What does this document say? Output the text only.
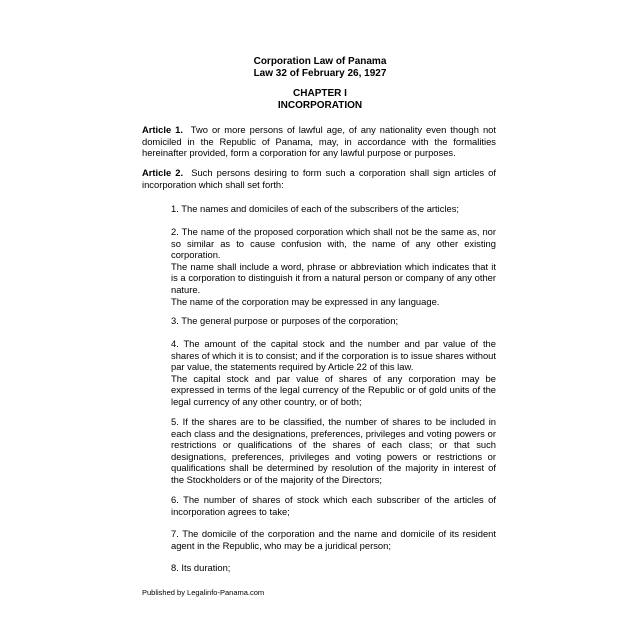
Corporation Law of Panama
Law 32 of February 26, 1927
CHAPTER I
INCORPORATION

Article 1. Two or more persons of lawful age, of any nationality even though not domiciled in the Republic of Panama, may, in accordance with the formalities hereinafter provided, form a corporation for any lawful purpose or purposes.

Article 2. Such persons desiring to form such a corporation shall sign articles of incorporation which shall set forth:

1. The names and domiciles of each of the subscribers of the articles;

2. The name of the proposed corporation which shall not be the same as, nor so similar as to cause confusion with, the name of any other existing corporation.

The name shall include a word, phrase or abbreviation which indicates that it is a corporation to distinguish it from a natural person or company of any other nature.

The name of the corporation may be expressed in any language.

3. The general purpose or purposes of the corporation;

4. The amount of the capital stock and the number and par value of the shares of which it is to consist; and if the corporation is to issue shares without par value, the statements required by Article 22 of this law.

The capital stock and par value of shares of any corporation may be expressed in terms of the legal currency of the Republic or of gold units of the legal currency of any other country, or of both;

5. If the shares are to be classified, the number of shares to be included in each class and the designations, preferences, privileges and voting powers or restrictions or qualifications of the shares of each class; or that such designations, preferences, privileges and voting powers or restrictions or qualifications shall be determined by resolution of the majority in interest of the Stockholders or of the majority of the Directors;

6. The number of shares of stock which each subscriber of the articles of incorporation agrees to take;

7. The domicile of the corporation and the name and domicile of its resident agent in the Republic, who may be a juridical person;

8. Its duration;

Published by Legalinfo-Panama.com
